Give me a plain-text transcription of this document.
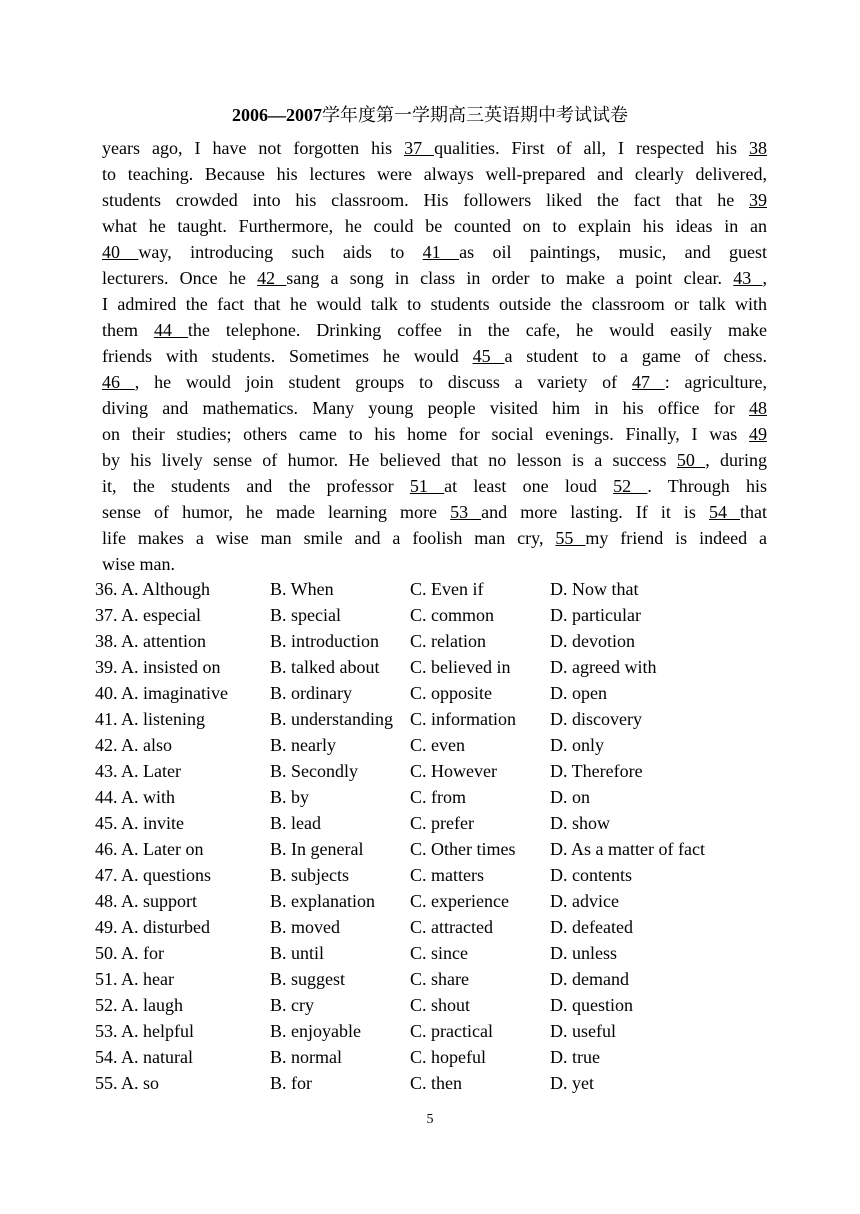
2006—2007学年度第一学期高三英语期中考试试卷
years ago, I have not forgotten his 37 qualities. First of all, I respected his 38
to teaching. Because his lectures were always well-prepared and clearly delivered,
students crowded into his classroom. His followers liked the fact that he 39
what he taught. Furthermore, he could be counted on to explain his ideas in an
40 way, introducing such aids to 41 as oil paintings, music, and guest
lecturers. Once he 42 sang a song in class in order to make a point clear. 43 ,
I admired the fact that he would talk to students outside the classroom or talk with
them 44 the telephone. Drinking coffee in the cafe, he would easily make
friends with students. Sometimes he would 45 a student to a game of chess.
46 , he would join student groups to discuss a variety of 47 : agriculture,
diving and mathematics. Many young people visited him in his office for 48
on their studies; others came to his home for social evenings. Finally, I was 49
by his lively sense of humor. He believed that no lesson is a success 50 , during
it, the students and the professor 51 at least one loud 52 . Through his
sense of humor, he made learning more 53 and more lasting. If it is 54 that
life makes a wise man smile and a foolish man cry, 55 my friend is indeed a
wise man.
36. A. Although	B. When	C. Even if	D. Now that
37. A. especial	B. special	C. common	D. particular
38. A. attention	B. introduction C. relation	D. devotion
39. A. insisted on	B. talked about C. believed in D. agreed with
40. A. imaginative B. ordinary	C. opposite	D. open
41. A. listening	B. understanding C. information D. discovery
42. A. also	B. nearly	C. even	D. only
43. A. Later	B. Secondly	C. However	D. Therefore
44. A. with	B. by	C. from	D. on
45. A. invite	B. lead	C. prefer	D. show
46. A. Later on	B. In general	C. Other times D. As a matter of fact
47. A. questions	B. subjects	C. matters	D. contents
48. A. support	B. explanation C. experience D. advice
49. A. disturbed	B. moved	C. attracted	D. defeated
50. A. for	B. until	C. since	D. unless
51. A. hear	B. suggest	C. share	D. demand
52. A. laugh	B. cry	C. shout	D. question
53. A. helpful	B. enjoyable	C. practical	D. useful
54. A. natural	B. normal	C. hopeful	D. true
55. A. so	B. for	C. then	D. yet
5
